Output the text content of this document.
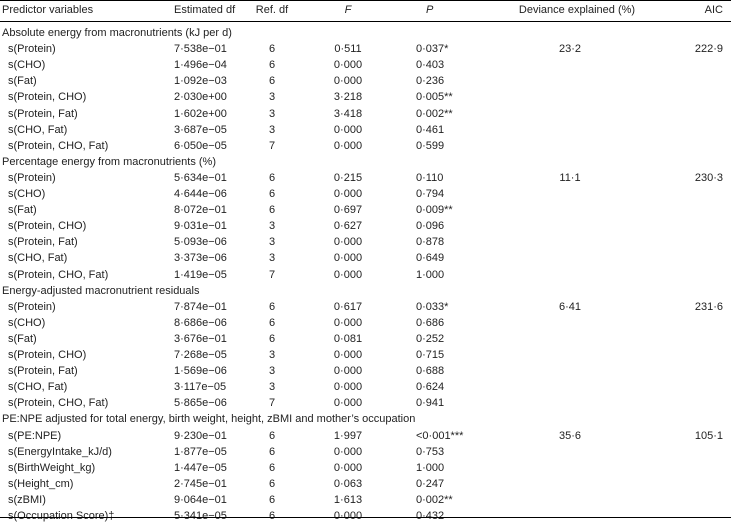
Predictor variables	Estimated df	Ref. df	F	P	Deviance explained (%)	AIC
Absolute energy from macronutrients (kJ per d)
s(Protein)	7·538e−01	6	0·511	0·037*	23·2	222·9
s(CHO)	1·496e−04	6	0·000	0·403
s(Fat)	1·092e−03	6	0·000	0·236
s(Protein, CHO)	2·030e+00	3	3·218	0·005**
s(Protein, Fat)	1·602e+00	3	3·418	0·002**
s(CHO, Fat)	3·687e−05	3	0·000	0·461
s(Protein, CHO, Fat)	6·050e−05	7	0·000	0·599
Percentage energy from macronutrients (%)
s(Protein)	5·634e−01	6	0·215	0·110	11·1	230·3
s(CHO)	4·644e−06	6	0·000	0·794
s(Fat)	8·072e−01	6	0·697	0·009**
s(Protein, CHO)	9·031e−01	3	0·627	0·096
s(Protein, Fat)	5·093e−06	3	0·000	0·878
s(CHO, Fat)	3·373e−06	3	0·000	0·649
s(Protein, CHO, Fat)	1·419e−05	7	0·000	1·000
Energy-adjusted macronutrient residuals
s(Protein)	7·874e−01	6	0·617	0·033*	6·41	231·6
s(CHO)	8·686e−06	6	0·000	0·686
s(Fat)	3·676e−01	6	0·081	0·252
s(Protein, CHO)	7·268e−05	3	0·000	0·715
s(Protein, Fat)	1·569e−06	3	0·000	0·688
s(CHO, Fat)	3·117e−05	3	0·000	0·624
s(Protein, CHO, Fat)	5·865e−06	7	0·000	0·941
PE:NPE adjusted for total energy, birth weight, height, zBMI and mother’s occupation
s(PE:NPE)	9·230e−01	6	1·997	<0·001***	35·6	105·1
s(EnergyIntake_kJ/d)	1·877e−05	6	0·000	0·753
s(BirthWeight_kg)	1·447e−05	6	0·000	1·000
s(Height_cm)	2·745e−01	6	0·063	0·247
s(zBMI)	9·064e−01	6	1·613	0·002**
s(Occupation Score)‡	5·341e−05	6	0·000	0·432
